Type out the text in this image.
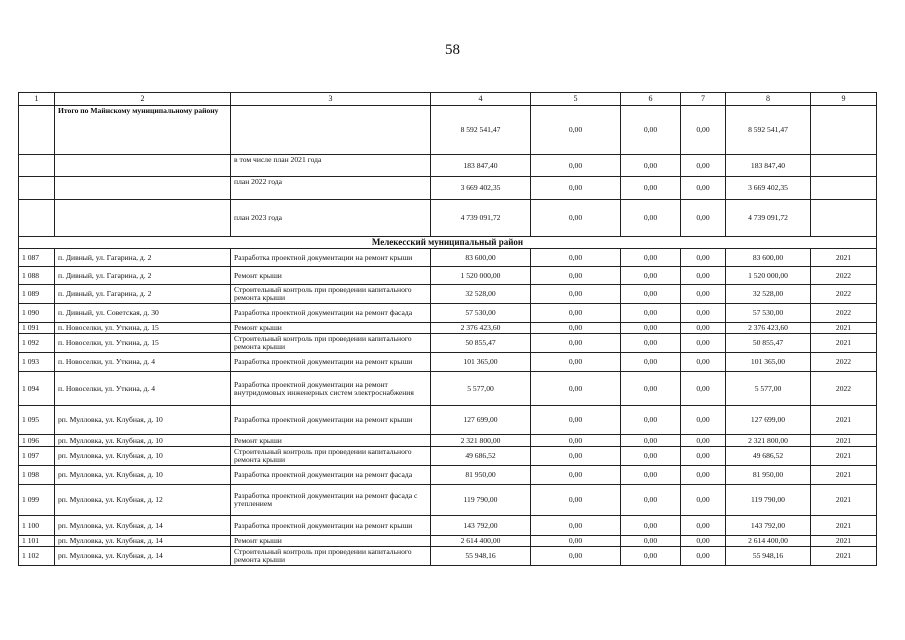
58
1	2	3	4	5	6	7	8	9
	Итого по Майнскому муниципальному району		8 592 541,47	0,00	0,00	0,00	8 592 541,47	
		в том числе план 2021 года	183 847,40	0,00	0,00	0,00	183 847,40	
		план 2022 года	3 669 402,35	0,00	0,00	0,00	3 669 402,35	
		план 2023 года	4 739 091,72	0,00	0,00	0,00	4 739 091,72	
Мелекесский муниципальный район								
1 087	п. Дивный, ул. Гагарина, д. 2	Разработка проектной документации на ремонт крыши	83 600,00	0,00	0,00	0,00	83 600,00	2021
1 088	п. Дивный, ул. Гагарина, д. 2	Ремонт крыши	1 520 000,00	0,00	0,00	0,00	1 520 000,00	2022
1 089	п. Дивный, ул. Гагарина, д. 2	Строительный контроль при проведении капитального ремонта крыши	32 528,00	0,00	0,00	0,00	32 528,00	2022
1 090	п. Дивный, ул. Советская, д. 30	Разработка проектной документации на ремонт фасада	57 530,00	0,00	0,00	0,00	57 530,00	2022
1 091	п. Новоселки, ул. Уткина, д. 15	Ремонт крыши	2 376 423,60	0,00	0,00	0,00	2 376 423,60	2021
1 092	п. Новоселки, ул. Уткина, д. 15	Строительный контроль при проведении капитального ремонта крыши	50 855,47	0,00	0,00	0,00	50 855,47	2021
1 093	п. Новоселки, ул. Уткина, д. 4	Разработка проектной документации на ремонт крыши	101 365,00	0,00	0,00	0,00	101 365,00	2022
1 094	п. Новоселки, ул. Уткина, д. 4	Разработка проектной документации на ремонт внутридомовых инженерных систем электроснабжения	5 577,00	0,00	0,00	0,00	5 577,00	2022
1 095	рп. Мулловка, ул. Клубная, д. 10	Разработка проектной документации на ремонт крыши	127 699,00	0,00	0,00	0,00	127 699,00	2021
1 096	рп. Мулловка, ул. Клубная, д. 10	Ремонт крыши	2 321 800,00	0,00	0,00	0,00	2 321 800,00	2021
1 097	рп. Мулловка, ул. Клубная, д. 10	Строительный контроль при проведении капитального ремонта крыши	49 686,52	0,00	0,00	0,00	49 686,52	2021
1 098	рп. Мулловка, ул. Клубная, д. 10	Разработка проектной документации на ремонт фасада	81 950,00	0,00	0,00	0,00	81 950,00	2021
1 099	рп. Мулловка, ул. Клубная, д. 12	Разработка проектной документации на ремонт фасада с утеплением	119 790,00	0,00	0,00	0,00	119 790,00	2021
1 100	рп. Мулловка, ул. Клубная, д. 14	Разработка проектной документации на ремонт крыши	143 792,00	0,00	0,00	0,00	143 792,00	2021
1 101	рп. Мулловка, ул. Клубная, д. 14	Ремонт крыши	2 614 400,00	0,00	0,00	0,00	2 614 400,00	2021
1 102	рп. Мулловка, ул. Клубная, д. 14	Строительный контроль при проведении капитального ремонта крыши	55 948,16	0,00	0,00	0,00	55 948,16	2021
